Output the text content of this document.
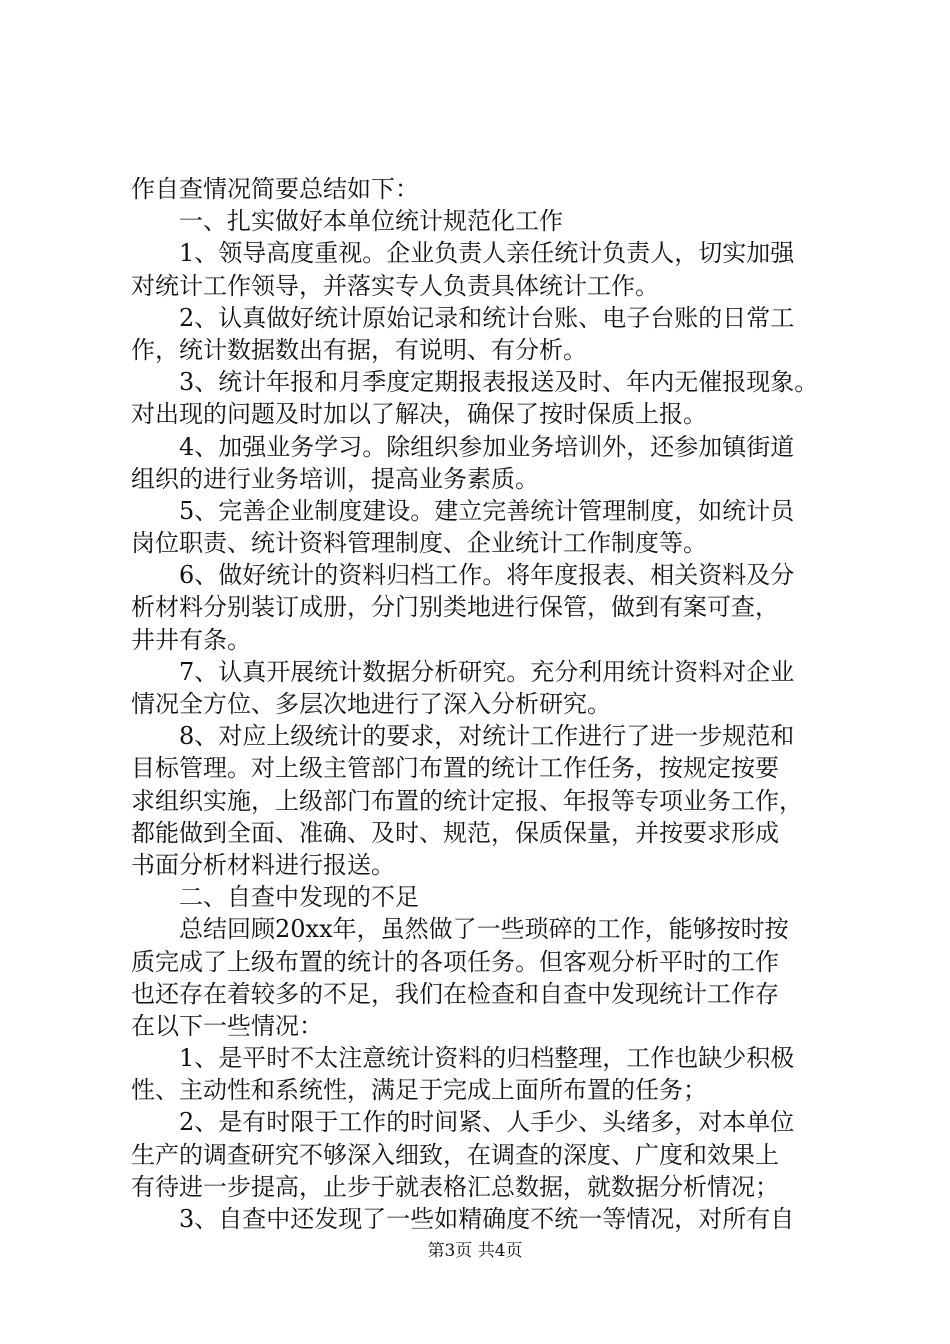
作自查情况简要总结如下：
　　一、扎实做好本单位统计规范化工作
　　1、领导高度重视。企业负责人亲任统计负责人，切实加强
对统计工作领导，并落实专人负责具体统计工作。
　　2、认真做好统计原始记录和统计台账、电子台账的日常工
作，统计数据数出有据，有说明、有分析。
　　3、统计年报和月季度定期报表报送及时、年内无催报现象。
对出现的问题及时加以了解决，确保了按时保质上报。
　　4、加强业务学习。除组织参加业务培训外，还参加镇街道
组织的进行业务培训，提高业务素质。
　　5、完善企业制度建设。建立完善统计管理制度，如统计员
岗位职责、统计资料管理制度、企业统计工作制度等。
　　6、做好统计的资料归档工作。将年度报表、相关资料及分
析材料分别装订成册，分门别类地进行保管，做到有案可查，
井井有条。
　　7、认真开展统计数据分析研究。充分利用统计资料对企业
情况全方位、多层次地进行了深入分析研究。
　　8、对应上级统计的要求，对统计工作进行了进一步规范和
目标管理。对上级主管部门布置的统计工作任务，按规定按要
求组织实施，上级部门布置的统计定报、年报等专项业务工作，
都能做到全面、准确、及时、规范，保质保量，并按要求形成
书面分析材料进行报送。
　　二、自查中发现的不足
　　总结回顾20xx年，虽然做了一些琐碎的工作，能够按时按
质完成了上级布置的统计的各项任务。但客观分析平时的工作
也还存在着较多的不足，我们在检查和自查中发现统计工作存
在以下一些情况：
　　1、是平时不太注意统计资料的归档整理，工作也缺少积极
性、主动性和系统性，满足于完成上面所布置的任务；
　　2、是有时限于工作的时间紧、人手少、头绪多，对本单位
生产的调查研究不够深入细致，在调查的深度、广度和效果上
有待进一步提高，止步于就表格汇总数据，就数据分析情况；
　　3、自查中还发现了一些如精确度不统一等情况，对所有自
第3页 共4页
